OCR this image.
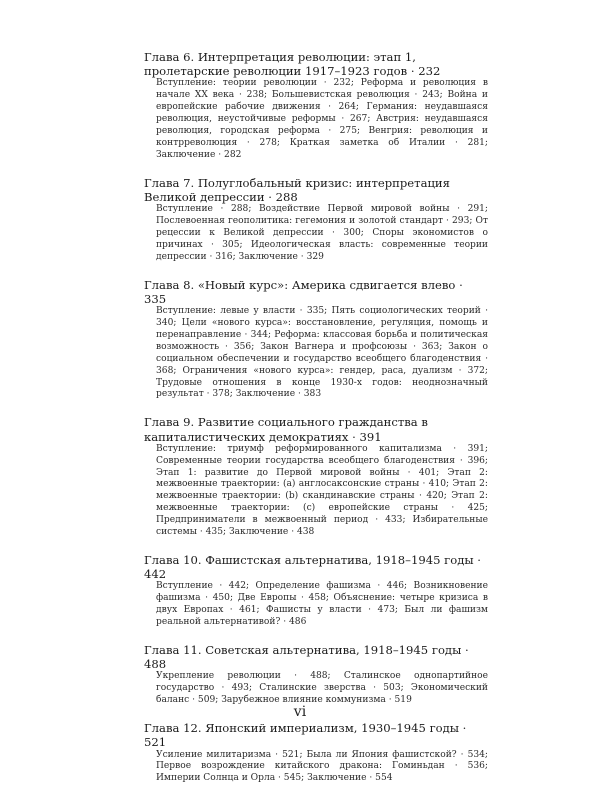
Глава 6. Интерпретация революции: этап 1, пролетарские революции 1917–1923 годов · 232
Вступление: теории революции · 232; Реформа и революция в начале XX века · 238; Большевистская революция · 243; Война и европейские рабочие движения · 264; Германия: неудавшаяся революция, неустойчивые реформы · 267; Австрия: неудавшаяся революция, городская реформа · 275; Венгрия: революция и контрреволюция · 278; Краткая заметка об Италии · 281; Заключение · 282
Глава 7. Полуглобальный кризис: интерпретация Великой депрессии · 288
Вступление · 288; Воздействие Первой мировой войны · 291; Послевоенная геополитика: гегемония и золотой стандарт · 293; От рецессии к Великой депрессии · 300; Споры экономистов о причинах · 305; Идеологическая власть: современные теории депрессии · 316; Заключение · 329
Глава 8. «Новый курс»: Америка сдвигается влево · 335
Вступление: левые у власти · 335; Пять социологических теорий · 340; Цели «нового курса»: восстановление, регуляция, помощь и перенаправление · 344; Реформа: классовая борьба и политическая возможность · 356; Закон Вагнера и профсоюзы · 363; Закон о социальном обеспечении и государство всеобщего благоденствия · 368; Ограничения «нового курса»: гендер, раса, дуализм · 372; Трудовые отношения в конце 1930-х годов: неоднозначный результат · 378; Заключение · 383
Глава 9. Развитие социального гражданства в капиталистических демократиях · 391
Вступление: триумф реформированного капитализма · 391; Современные теории государства всеобщего благоденствия · 396; Этап 1: развитие до Первой мировой войны · 401; Этап 2: межвоенные траектории: (а) англосаксонские страны · 410; Этап 2: межвоенные траектории: (b) скандинавские страны · 420; Этап 2: межвоенные траектории: (c) европейские страны · 425; Предприниматели в межвоенный период · 433; Избирательные системы · 435; Заключение · 438
Глава 10. Фашистская альтернатива, 1918–1945 годы · 442
Вступление · 442; Определение фашизма · 446; Возникновение фашизма · 450; Две Европы · 458; Объяснение: четыре кризиса в двух Европах · 461; Фашисты у власти · 473; Был ли фашизм реальной альтернативой? · 486
Глава 11. Советская альтернатива, 1918–1945 годы · 488
Укрепление революции · 488; Сталинское однопартийное государство · 493; Сталинские зверства · 503; Экономический баланс · 509; Зарубежное влияние коммунизма · 519
Глава 12. Японский империализм, 1930–1945 годы · 521
Усиление милитаризма · 521; Была ли Япония фашистской? · 534; Первое возрождение китайского дракона: Гоминьдан · 536; Империи Солнца и Орла · 545; Заключение · 554
vi
